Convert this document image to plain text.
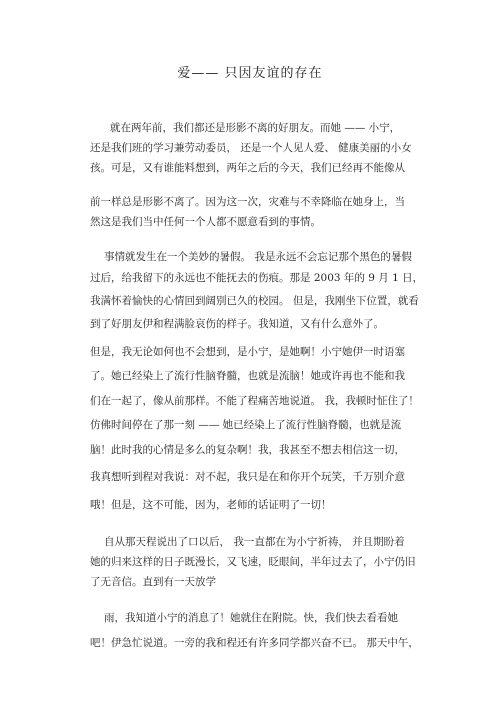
爱—— 只因友谊的存在
就在两年前，我们都还是形影不离的好朋友。而她 —— 小宁，
还是我们班的学习兼劳动委员， 还是一个人见人爱、 健康美丽的小女
孩。可是，又有谁能料想到，两年之后的今天，我们已经再不能像从
前一样总是形影不离了。因为这一次，灾难与不幸降临在她身上，当
然这是我们当中任何一个人都不愿意看到的事情。
事情就发生在一个美妙的暑假。 我是永远不会忘记那个黑色的暑假
过后，给我留下的永远也不能抚去的伤痕。那是 2003 年的 9 月 1 日，
我满怀着愉快的心情回到阔别已久的校园。 但是，我刚坐下位置，就看
到了好朋友伊和程满脸哀伤的样子。我知道，又有什么意外了。
但是，我无论如何也不会想到，是小宁，是她啊！小宁她伊一时语塞
了。她已经染上了流行性脑脊髓，也就是流脑！她或许再也不能和我
们在一起了，像从前那样。不能了程痛苦地说道。 我，我顿时怔住了！
仿佛时间停在了那一刻 —— 她已经染上了流行性脑脊髓，也就是流
脑！此时我的心情是多么的复杂啊！我，我甚至不想去相信这一切，
我真想听到程对我说：对不起，我只是在和你开个玩笑，千万别介意
哦！但是，这不可能，因为，老师的话证明了一切！
自从那天程说出了口以后， 我一直都在为小宁祈祷， 并且期盼着
她的归来这样的日子既漫长，又飞速，眨眼间，半年过去了，小宁仍旧
了无音信。直到有一天放学
雨，我知道小宁的消息了！她就住在附院。快，我们快去看看她
吧！伊急忙说道。一旁的我和程还有许多同学都兴奋不已。 那天中午，
